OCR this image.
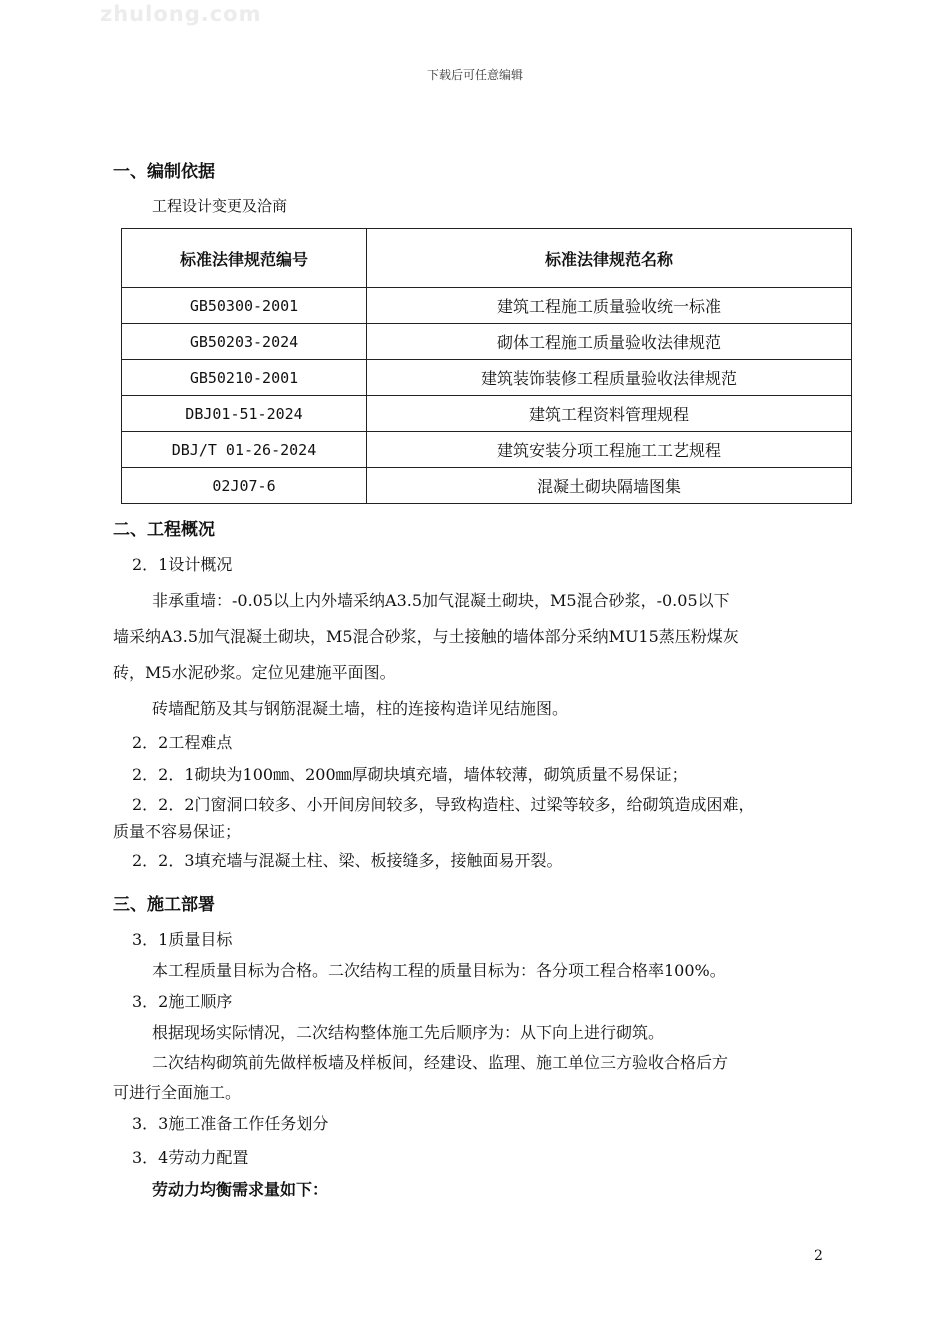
zhulong.com
下载后可任意编辑
一、编制依据
工程设计变更及洽商
标准法律规范编号	标准法律规范名称
GB50300-2001	建筑工程施工质量验收统一标准
GB50203-2024	砌体工程施工质量验收法律规范
GB50210-2001	建筑装饰装修工程质量验收法律规范
DBJ01-51-2024	建筑工程资料管理规程
DBJ/T 01-26-2024	建筑安装分项工程施工工艺规程
02J07-6	混凝土砌块隔墙图集
二、工程概况
2．1设计概况
非承重墙：-0.05以上内外墙采纳A3.5加气混凝土砌块，M5混合砂浆，-0.05以下
墙采纳A3.5加气混凝土砌块，M5混合砂浆，与土接触的墙体部分采纳MU15蒸压粉煤灰
砖，M5水泥砂浆。定位见建施平面图。
砖墙配筋及其与钢筋混凝土墙，柱的连接构造详见结施图。
2．2工程难点
2．2．1砌块为100㎜、200㎜厚砌块填充墙，墙体较薄，砌筑质量不易保证；
2．2．2门窗洞口较多、小开间房间较多，导致构造柱、过梁等较多，给砌筑造成困难，
质量不容易保证；
2．2．3填充墙与混凝土柱、梁、板接缝多，接触面易开裂。
三、施工部署
3．1质量目标
本工程质量目标为合格。二次结构工程的质量目标为：各分项工程合格率100%。
3．2施工顺序
根据现场实际情况，二次结构整体施工先后顺序为：从下向上进行砌筑。
二次结构砌筑前先做样板墙及样板间，经建设、监理、施工单位三方验收合格后方
可进行全面施工。
3．3施工准备工作任务划分
3．4劳动力配置
劳动力均衡需求量如下：
2
